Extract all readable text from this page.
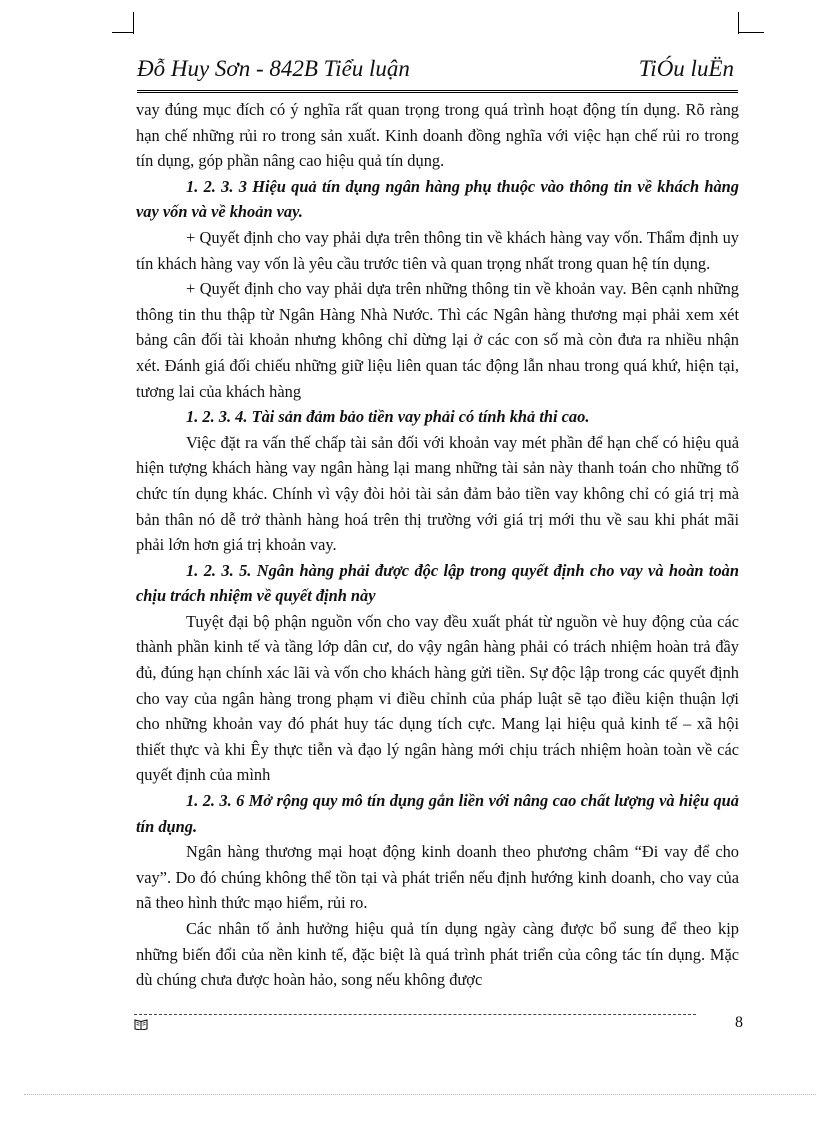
Đỗ Huy Sơn - 842B Tiểu luận	TiÓu luËn

vay đúng mục đích có ý nghĩa rất quan trọng trong quá trình hoạt động tín dụng. Rõ ràng hạn chế những rủi ro trong sản xuất. Kinh doanh đồng nghĩa với việc hạn chế rủi ro trong tín dụng, góp phần nâng cao hiệu quả tín dụng.

1. 2. 3. 3 Hiệu quả tín dụng ngân hàng phụ thuộc vào thông tin về khách hàng vay vốn và về khoản vay.

+ Quyết định cho vay phải dựa trên thông tin về khách hàng vay vốn. Thẩm định uy tín khách hàng vay vốn là yêu cầu trước tiên và quan trọng nhất trong quan hệ tín dụng.

+ Quyết định cho vay phải dựa trên những thông tin về khoản vay. Bên cạnh những thông tin thu thập từ Ngân Hàng Nhà Nước. Thì các Ngân hàng thương mại phải xem xét bảng cân đối tài khoản nhưng không chỉ dừng lại ở các con số mà còn đưa ra nhiều nhận xét. Đánh giá đối chiếu những giữ liệu liên quan tác động lẫn nhau trong quá khứ, hiện tại, tương lai của khách hàng

1. 2. 3. 4. Tài sản đảm bảo tiền vay phải có tính khả thi cao.

Việc đặt ra vấn thế chấp tài sản đối với khoản vay mét phần để hạn chế có hiệu quả hiện tượng khách hàng vay ngân hàng lại mang những tài sản này thanh toán cho những tổ chức tín dụng khác. Chính vì vậy đòi hỏi tài sản đảm bảo tiền vay không chỉ có giá trị mà bản thân nó dễ trở thành hàng hoá trên thị trường với giá trị mới thu về sau khi phát mãi phải lớn hơn giá trị khoản vay.

1. 2. 3. 5. Ngân hàng phải được độc lập trong quyết định cho vay và hoàn toàn chịu trách nhiệm về quyết định này

Tuyệt đại bộ phận nguồn vốn cho vay đều xuất phát từ nguồn vè huy động của các thành phần kinh tế và tầng lớp dân cư, do vậy ngân hàng phải có trách nhiệm hoàn trả đầy đủ, đúng hạn chính xác lãi và vốn cho khách hàng gửi tiền. Sự độc lập trong các quyết định cho vay của ngân hàng trong phạm vi điều chỉnh của pháp luật sẽ tạo điều kiện thuận lợi cho những khoản vay đó phát huy tác dụng tích cực. Mang lại hiệu quả kinh tế – xã hội thiết thực và khi Êy thực tiễn và đạo lý ngân hàng mới chịu trách nhiệm hoàn toàn về các quyết định của mình

1. 2. 3. 6 Mở rộng quy mô tín dụng gắn liền với nâng cao chất lượng và hiệu quả tín dụng.

Ngân hàng thương mại hoạt động kinh doanh theo phương châm “Đi vay để cho vay”. Do đó chúng không thể tồn tại và phát triển nếu định hướng kinh doanh, cho vay của nã theo hình thức mạo hiểm, rủi ro.

Các nhân tố ảnh hưởng hiệu quả tín dụng ngày càng được bổ sung để theo kịp những biến đổi của nền kinh tế, đặc biệt là quá trình phát triển của công tác tín dụng. Mặc dù chúng chưa được hoàn hảo, song nếu không được

8
